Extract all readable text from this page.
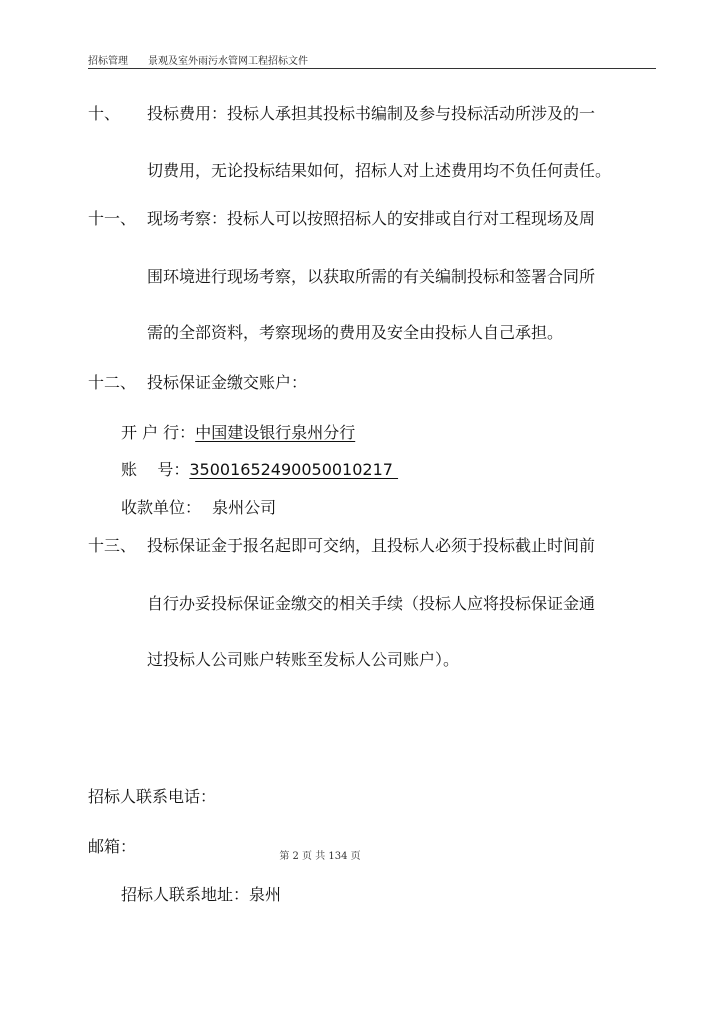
招标管理 景观及室外雨污水管网工程招标文件
十、 投标费用：投标人承担其投标书编制及参与投标活动所涉及的一
切费用，无论投标结果如何，招标人对上述费用均不负任何责任。
十一、 现场考察：投标人可以按照招标人的安排或自行对工程现场及周
围环境进行现场考察，以获取所需的有关编制投标和签署合同所
需的全部资料，考察现场的费用及安全由投标人自己承担。
十二、 投标保证金缴交账户：
开 户 行：中国建设银行泉州分行
账    号：35001652490050010217
收款单位： 泉州公司
十三、 投标保证金于报名起即可交纳，且投标人必须于投标截止时间前
自行办妥投标保证金缴交的相关手续（投标人应将投标保证金通
过投标人公司账户转账至发标人公司账户）。
招标人联系电话：
邮箱：
第 2 页 共 134 页
招标人联系地址：泉州
